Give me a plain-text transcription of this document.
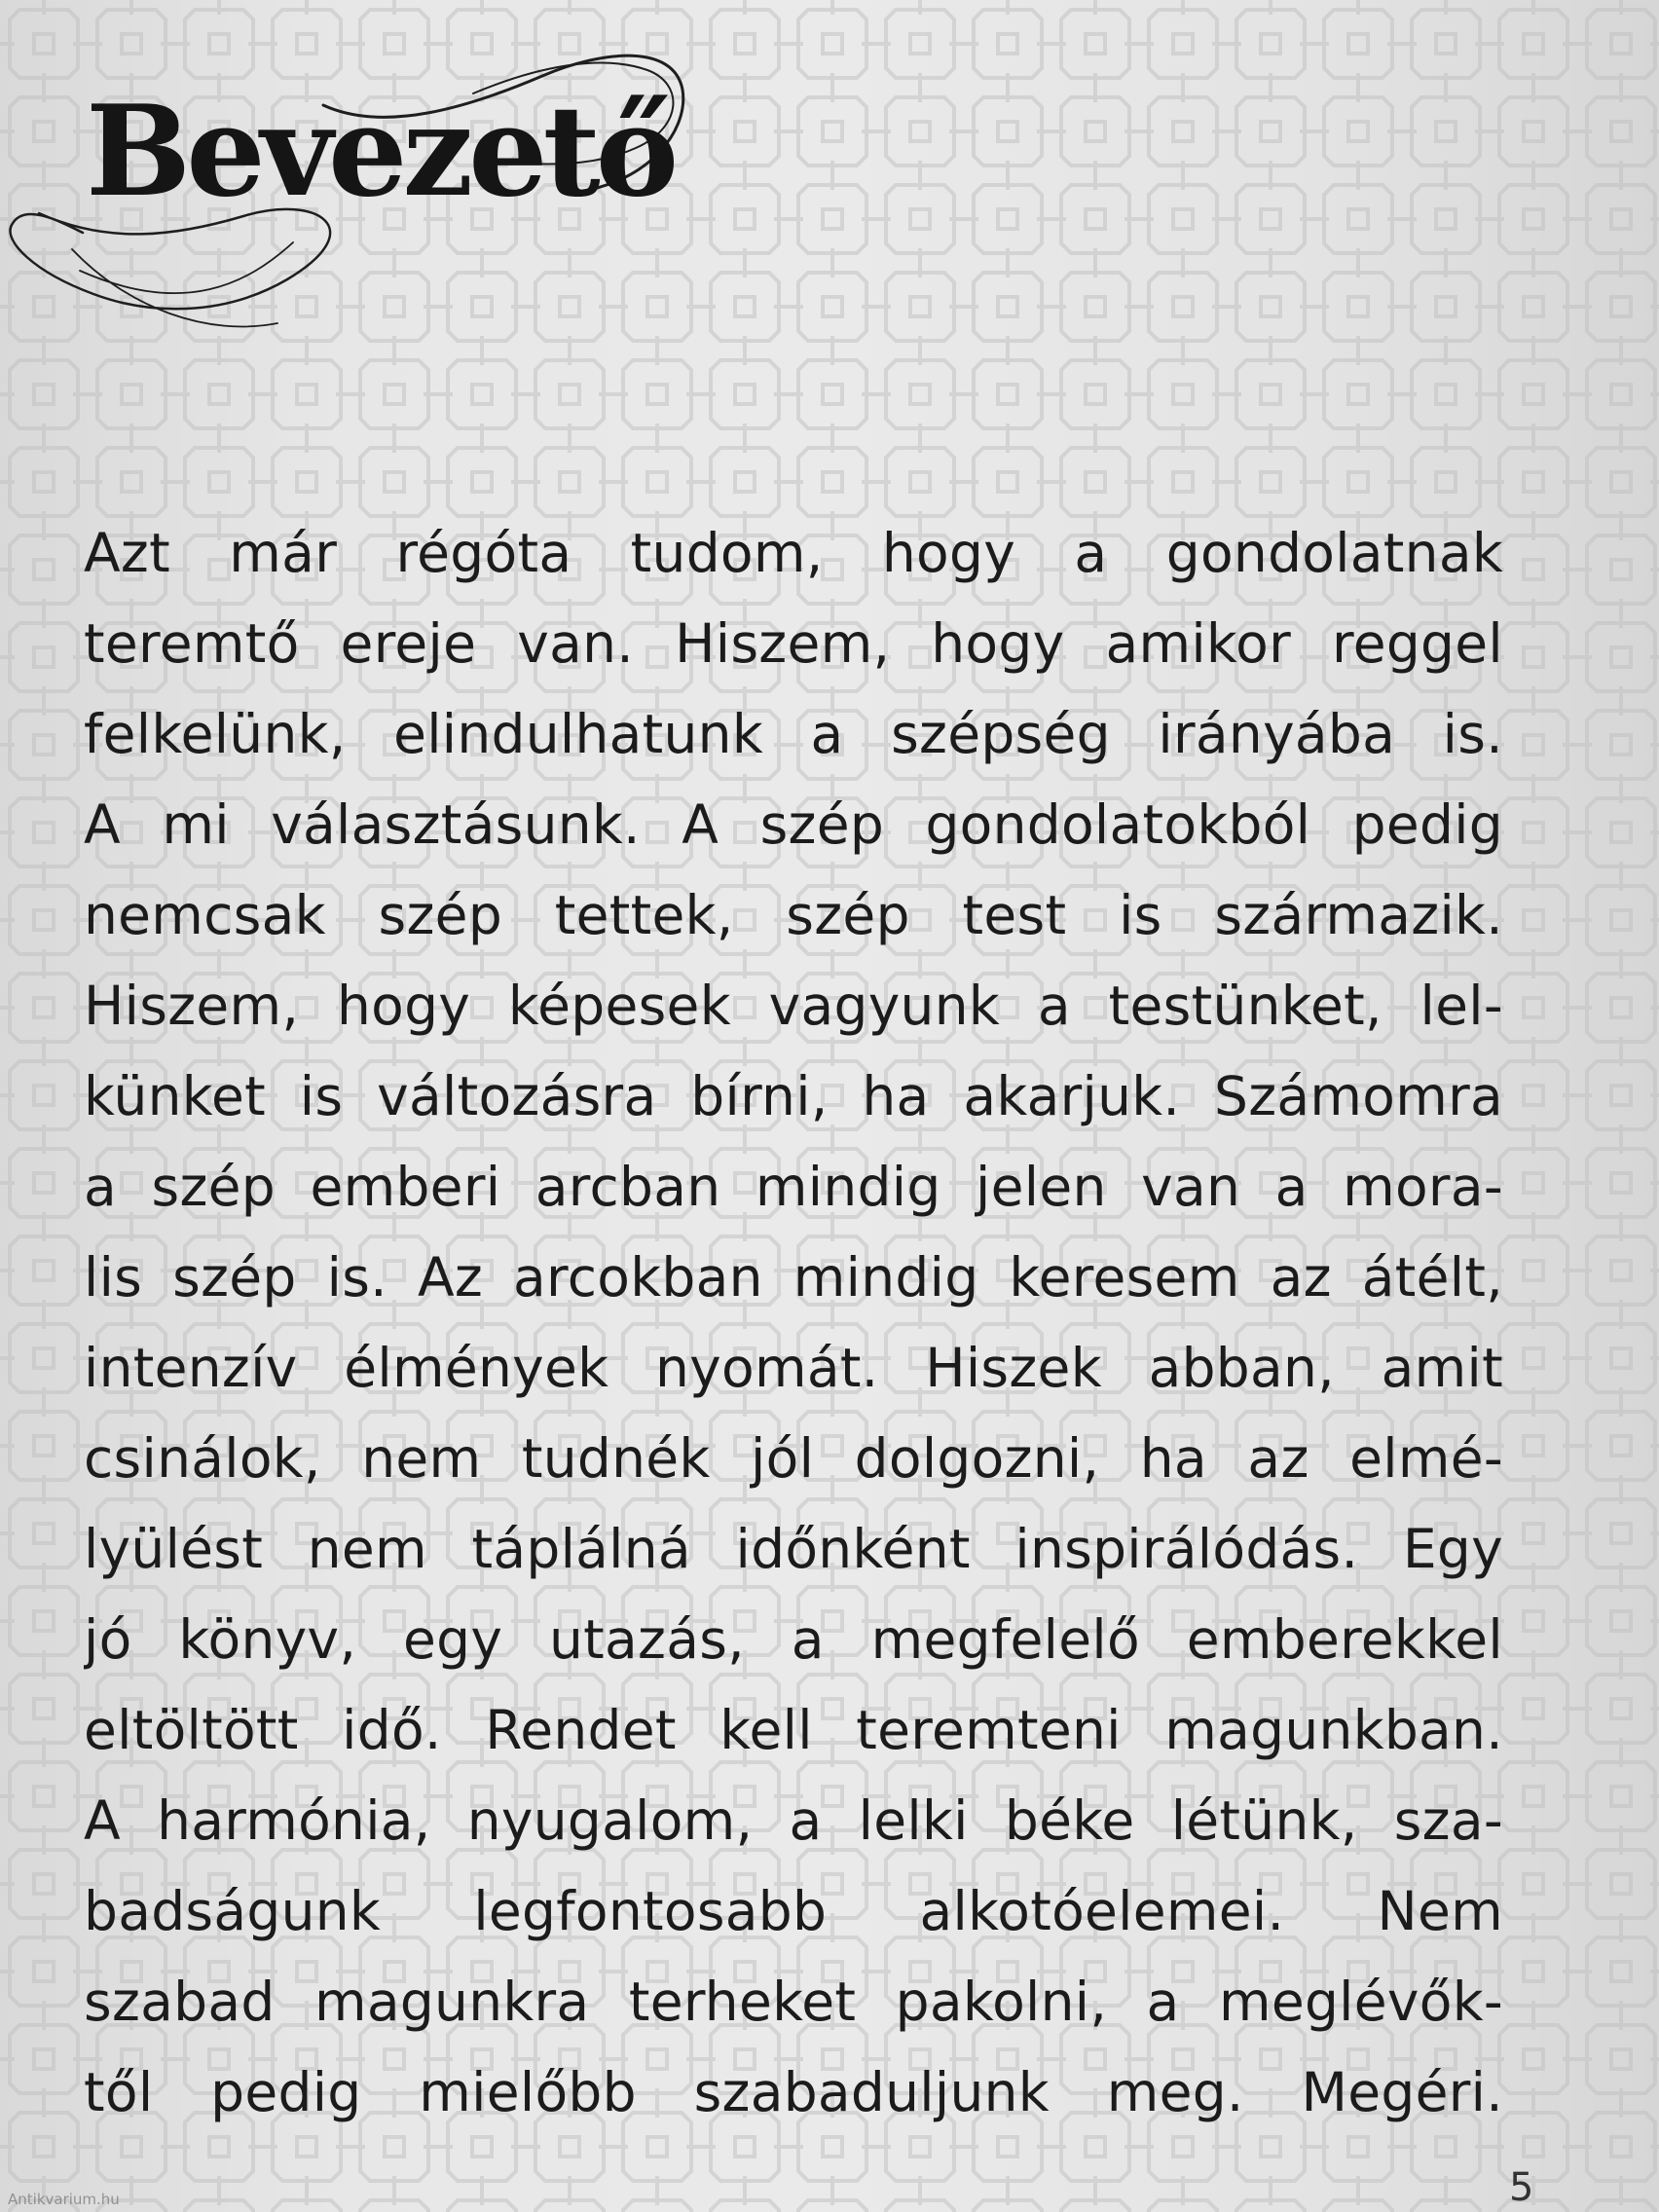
Bevezető
Azt már régóta tudom, hogy a gondolatnak
teremtő ereje van. Hiszem, hogy amikor reggel
felkelünk, elindulhatunk a szépség irányába is.
A mi választásunk. A szép gondolatokból pedig
nemcsak szép tettek, szép test is származik.
Hiszem, hogy képesek vagyunk a testünket, lel-
künket is változásra bírni, ha akarjuk. Számomra
a szép emberi arcban mindig jelen van a mora-
lis szép is. Az arcokban mindig keresem az átélt,
intenzív élmények nyomát. Hiszek abban, amit
csinálok, nem tudnék jól dolgozni, ha az elmé-
lyülést nem táplálná időnként inspirálódás. Egy
jó könyv, egy utazás, a megfelelő emberekkel
eltöltött idő. Rendet kell teremteni magunkban.
A harmónia, nyugalom, a lelki béke létünk, sza-
badságunk legfontosabb alkotóelemei. Nem
szabad magunkra terheket pakolni, a meglévők-
től pedig mielőbb szabaduljunk meg. Megéri.
5
Antikvarium.hu
